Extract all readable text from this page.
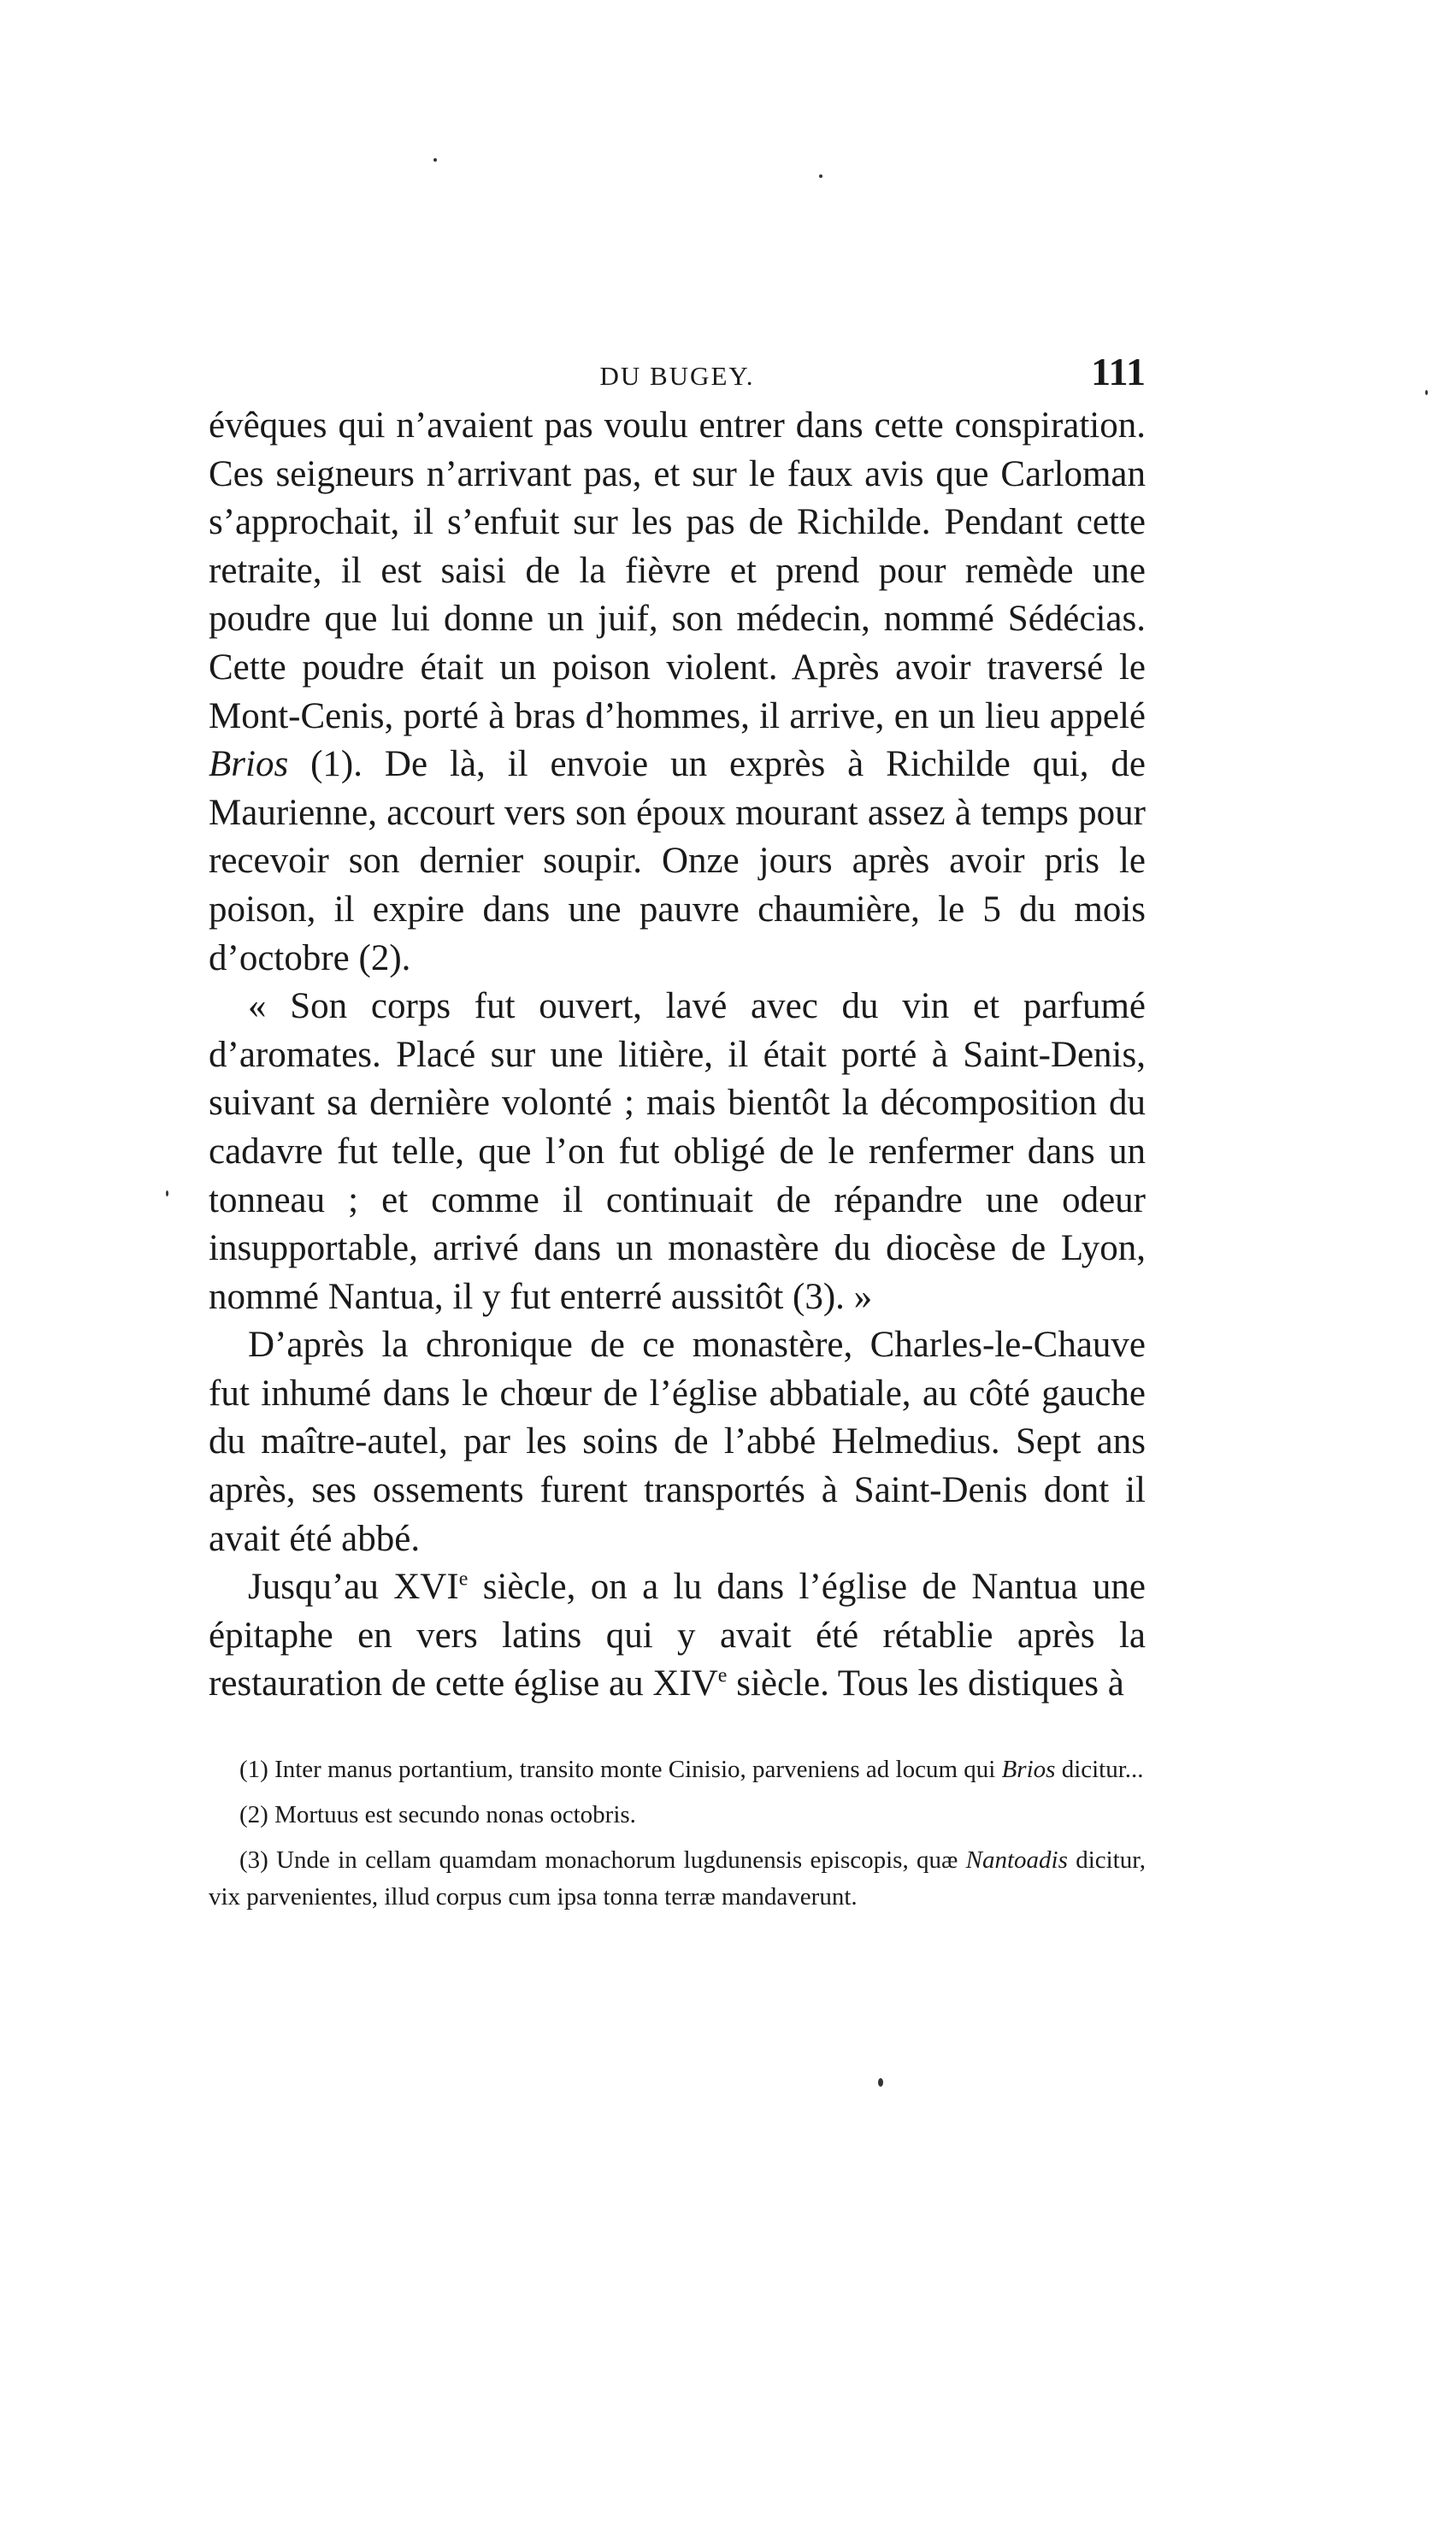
DU BUGEY.	111

évêques qui n’avaient pas voulu entrer dans cette conspiration. Ces seigneurs n’arrivant pas, et sur le faux avis que Carloman s’approchait, il s’enfuit sur les pas de Richilde. Pendant cette retraite, il est saisi de la fièvre et prend pour remède une poudre que lui donne un juif, son médecin, nommé Sédécias. Cette poudre était un poison violent. Après avoir traversé le Mont-Cenis, porté à bras d’hommes, il arrive, en un lieu appelé Brios (1). De là, il envoie un exprès à Richilde qui, de Maurienne, accourt vers son époux mourant assez à temps pour recevoir son dernier soupir. Onze jours après avoir pris le poison, il expire dans une pauvre chaumière, le 5 du mois d’octobre (2).

« Son corps fut ouvert, lavé avec du vin et parfumé d’aromates. Placé sur une litière, il était porté à Saint-Denis, suivant sa dernière volonté ; mais bientôt la décomposition du cadavre fut telle, que l’on fut obligé de le renfermer dans un tonneau ; et comme il continuait de répandre une odeur insupportable, arrivé dans un monastère du diocèse de Lyon, nommé Nantua, il y fut enterré aussitôt (3). »

D’après la chronique de ce monastère, Charles-le-Chauve fut inhumé dans le chœur de l’église abbatiale, au côté gauche du maître-autel, par les soins de l’abbé Helmedius. Sept ans après, ses ossements furent transportés à Saint-Denis dont il avait été abbé.

Jusqu’au XVIe siècle, on a lu dans l’église de Nantua une épitaphe en vers latins qui y avait été rétablie après la restauration de cette église au XIVe siècle. Tous les distiques à

(1) Inter manus portantium, transito monte Cinisio, parveniens ad locum qui Brios dicitur...

(2) Mortuus est secundo nonas octobris.

(3) Unde in cellam quamdam monachorum lugdunensis episcopis, quæ Nantoadis dicitur, vix parvenientes, illud corpus cum ipsa tonna terræ mandaverunt.
